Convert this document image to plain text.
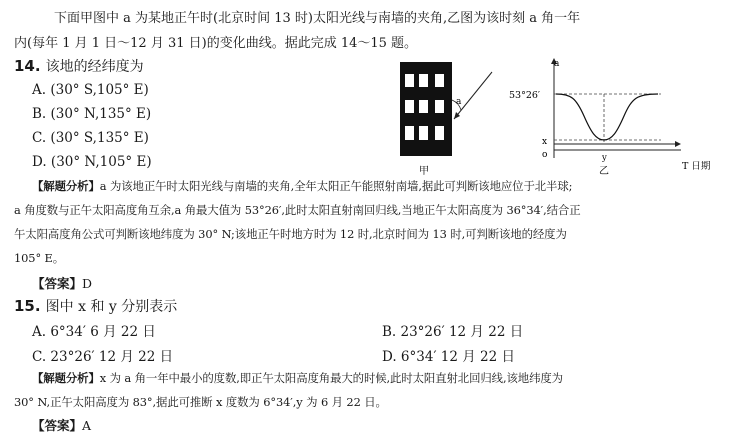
下面甲图中 a 为某地正午时(北京时间 13 时)太阳光线与南墙的夹角,乙图为该时刻 a 角一年
内(每年 1 月 1 日～12 月 31 日)的变化曲线。据此完成 14～15 题。
14. 该地的经纬度为
A. (30° S,105° E)
B. (30° N,135° E)
C. (30° S,135° E)
D. (30° N,105° E)
a
甲
a
53°26′
x
o	y
乙	T 日期
【解题分析】a 为该地正午时太阳光线与南墙的夹角,全年太阳正午能照射南墙,据此可判断该地应位于北半球;
a 角度数与正午太阳高度角互余,a 角最大值为 53°26′,此时太阳直射南回归线,当地正午太阳高度为 36°34′,结合正
午太阳高度角公式可判断该地纬度为 30° N;该地正午时地方时为 12 时,北京时间为 13 时,可判断该地的经度为
105° E。
【答案】D
15. 图中 x 和 y 分别表示
A. 6°34′ 6 月 22 日	B. 23°26′ 12 月 22 日
C. 23°26′ 12 月 22 日	D. 6°34′ 12 月 22 日
【解题分析】x 为 a 角一年中最小的度数,即正午太阳高度角最大的时候,此时太阳直射北回归线,该地纬度为
30° N,正午太阳高度为 83°,据此可推断 x 度数为 6°34′,y 为 6 月 22 日。
【答案】A
